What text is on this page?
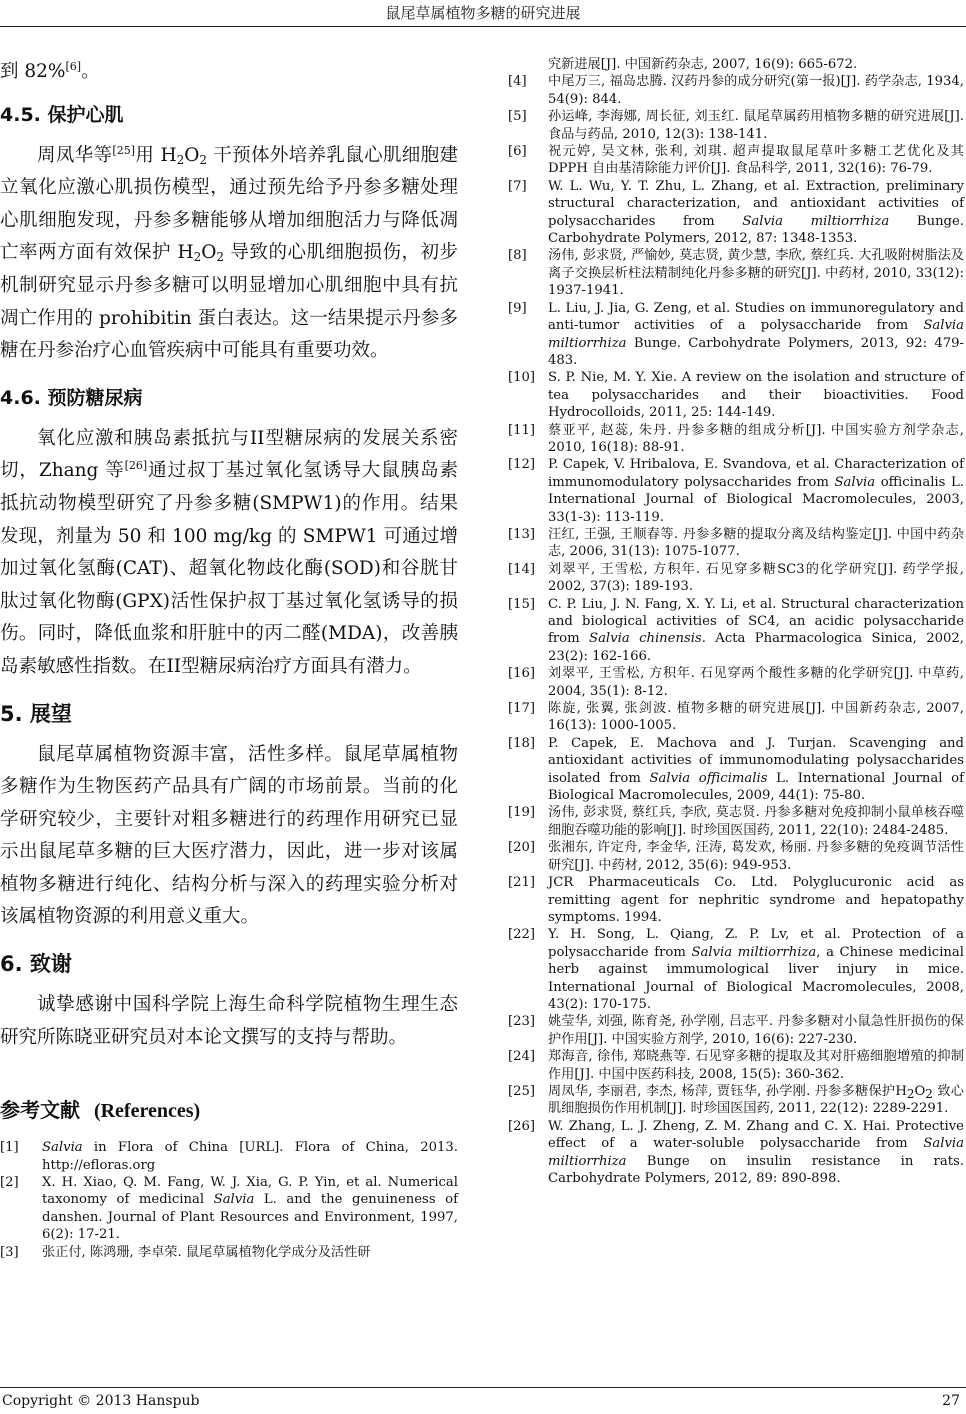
鼠尾草属植物多糖的研究进展

到 82%[6]。

4.5. 保护心肌

周凤华等[25]用 $H_2O_2$ 干预体外培养乳鼠心肌细胞建立氧化应激心肌损伤模型，通过预先给予丹参多糖处理心肌细胞发现，丹参多糖能够从增加细胞活力与降低凋亡率两方面有效保护 $H_2O_2$ 导致的心肌细胞损伤，初步机制研究显示丹参多糖可以明显增加心肌细胞中具有抗凋亡作用的 prohibitin 蛋白表达。这一结果提示丹参多糖在丹参治疗心血管疾病中可能具有重要功效。

4.6. 预防糖尿病

氧化应激和胰岛素抵抗与II型糖尿病的发展关系密切，Zhang 等[26]通过叔丁基过氧化氢诱导大鼠胰岛素抵抗动物模型研究了丹参多糖(SMPW1)的作用。结果发现，剂量为 50 和 100 mg/kg 的 SMPW1 可通过增加过氧化氢酶(CAT)、超氧化物歧化酶(SOD)和谷胱甘肽过氧化物酶(GPX)活性保护叔丁基过氧化氢诱导的损伤。同时，降低血浆和肝脏中的丙二醛(MDA)，改善胰岛素敏感性指数。在II型糖尿病治疗方面具有潜力。

5. 展望

鼠尾草属植物资源丰富，活性多样。鼠尾草属植物多糖作为生物医药产品具有广阔的市场前景。当前的化学研究较少，主要针对粗多糖进行的药理作用研究已显示出鼠尾草多糖的巨大医疗潜力，因此，进一步对该属植物多糖进行纯化、结构分析与深入的药理实验分析对该属植物资源的利用意义重大。

6. 致谢

诚挚感谢中国科学院上海生命科学院植物生理生态研究所陈晓亚研究员对本论文撰写的支持与帮助。

参考文献 (References)
[1]	Salvia in Flora of China [URL]. Flora of China, 2013. http://efloras.org
[2]	X. H. Xiao, Q. M. Fang, W. J. Xia, G. P. Yin, et al. Numerical taxonomy of medicinal Salvia L. and the genuineness of danshen. Journal of Plant Resources and Environment, 1997, 6(2): 17-21.
[3]	张正付, 陈鸿珊, 李卓荣. 鼠尾草属植物化学成分及活性研
究新进展[J]. 中国新药杂志, 2007, 16(9): 665-672.
[4]	中尾万三, 福岛忠腾. 汉药丹参的成分研究(第一报)[J]. 药学杂志, 1934, 54(9): 844.
[5]	孙运峰, 李海娜, 周长征, 刘玉红. 鼠尾草属药用植物多糖的研究进展[J]. 食品与药品, 2010, 12(3): 138-141.
[6]	祝元婷, 吴文林, 张利, 刘琪. 超声提取鼠尾草叶多糖工艺优化及其 DPPH 自由基清除能力评价[J]. 食品科学, 2011, 32(16): 76-79.
[7]	W. L. Wu, Y. T. Zhu, L. Zhang, et al. Extraction, preliminary structural characterization, and antioxidant activities of polysaccharides from Salvia miltiorrhiza Bunge. Carbohydrate Polymers, 2012, 87: 1348-1353.
[8]	汤伟, 彭求贤, 严愉妙, 莫志贤, 黄少慧, 李欣, 蔡红兵. 大孔吸附树脂法及离子交换层析柱法精制纯化丹参多糖的研究[J]. 中药材, 2010, 33(12): 1937-1941.
[9]	L. Liu, J. Jia, G. Zeng, et al. Studies on immunoregulatory and anti-tumor activities of a polysaccharide from Salvia miltiorrhiza Bunge. Carbohydrate Polymers, 2013, 92: 479-483.
[10] S. P. Nie, M. Y. Xie. A review on the isolation and structure of tea polysaccharides and their bioactivities. Food Hydrocolloids, 2011, 25: 144-149.
[11] 蔡亚平, 赵蕊, 朱丹. 丹参多糖的组成分析[J]. 中国实验方剂学杂志, 2010, 16(18): 88-91.
[12] P. Capek, V. Hribalova, E. Svandova, et al. Characterization of immunomodulatory polysaccharides from Salvia officinalis L. International Journal of Biological Macromolecules, 2003, 33(1-3): 113-119.
[13] 汪红, 王强, 王顺春等. 丹参多糖的提取分离及结构鉴定[J]. 中国中药杂志, 2006, 31(13): 1075-1077.
[14] 刘翠平, 王雪松, 方积年. 石见穿多糖SC3的化学研究[J]. 药学学报, 2002, 37(3): 189-193.
[15] C. P. Liu, J. N. Fang, X. Y. Li, et al. Structural characterization and biological activities of SC4, an acidic polysaccharide from Salvia chinensis. Acta Pharmacologica Sinica, 2002, 23(2): 162-166.
[16] 刘翠平, 王雪松, 方积年. 石见穿两个酸性多糖的化学研究[J]. 中草药, 2004, 35(1): 8-12.
[17] 陈旋, 张翼, 张剑波. 植物多糖的研究进展[J]. 中国新药杂志, 2007, 16(13): 1000-1005.
[18] P. Capek, E. Machova and J. Turjan. Scavenging and antioxidant activities of immunomodulating polysaccharides isolated from Salvia officimalis L. International Journal of Biological Macromolecules, 2009, 44(1): 75-80.
[19] 汤伟, 彭求贤, 蔡红兵, 李欣, 莫志贤. 丹参多糖对免疫抑制小鼠单核吞噬细胞吞噬功能的影响[J]. 时珍国医国药, 2011, 22(10): 2484-2485.
[20] 张湘东, 许定舟, 李金华, 汪涛, 葛发欢, 杨丽. 丹参多糖的免疫调节活性研究[J]. 中药材, 2012, 35(6): 949-953.
[21] JCR Pharmaceuticals Co. Ltd. Polyglucuronic acid as remitting agent for nephritic syndrome and hepatopathy symptoms. 1994.
[22] Y. H. Song, L. Qiang, Z. P. Lv, et al. Protection of a polysaccharide from Salvia miltiorrhiza, a Chinese medicinal herb against immumological liver injury in mice. International Journal of Biological Macromolecules, 2008, 43(2): 170-175.
[23] 姚莹华, 刘强, 陈育尧, 孙学刚, 吕志平. 丹参多糖对小鼠急性肝损伤的保护作用[J]. 中国实验方剂学, 2010, 16(6): 227-230.
[24] 郑海音, 徐伟, 郑晓燕等. 石见穿多糖的提取及其对肝癌细胞增殖的抑制作用[J]. 中国中医药科技, 2008, 15(5): 360-362.
[25] 周凤华, 李丽君, 李杰, 杨萍, 贾钰华, 孙学刚. 丹参多糖保护$H_2O_2$ 致心肌细胞损伤作用机制[J]. 时珍国医国药, 2011, 22(12): 2289-2291.
[26] W. Zhang, L. J. Zheng, Z. M. Zhang and C. X. Hai. Protective effect of a water-soluble polysaccharide from Salvia miltiorrhiza Bunge on insulin resistance in rats. Carbohydrate Polymers, 2012, 89: 890-898.
Copyright © 2013 Hanspub	27
